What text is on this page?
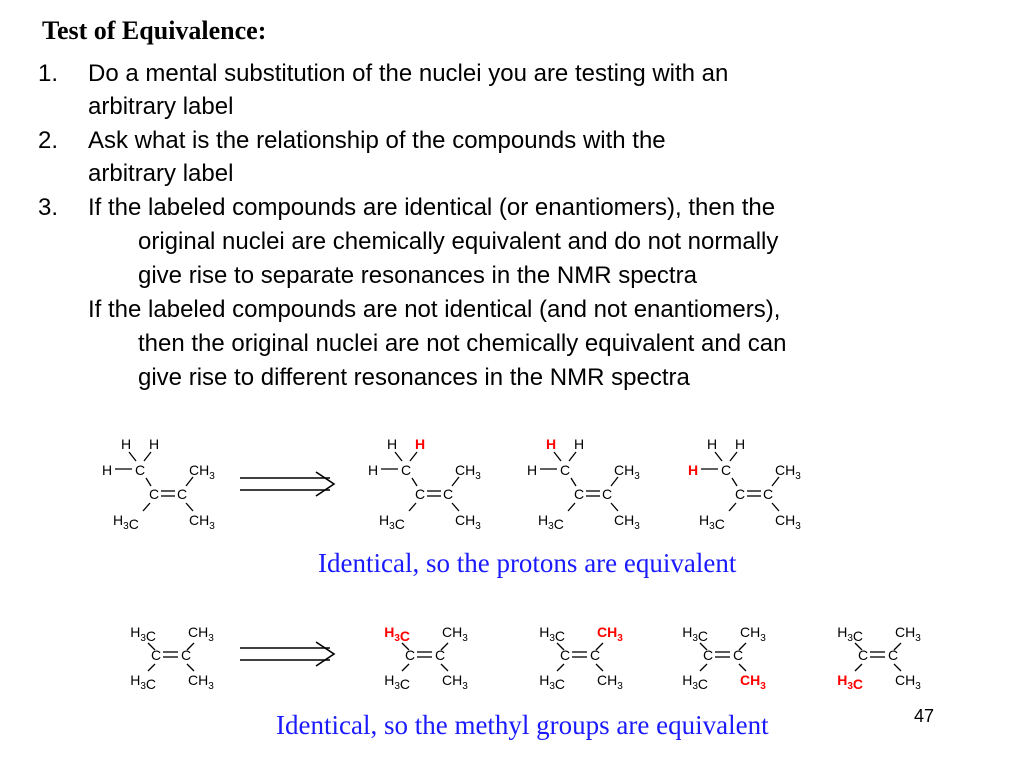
Test of Equivalence:
1. Do a mental substitution of the nuclei you are testing with an
arbitrary label
2. Ask what is the relationship of the compounds with the
arbitrary label
3. If the labeled compounds are identical (or enantiomers), then the
original nuclei are chemically equivalent and do not normally
give rise to separate resonances in the NMR spectra
If the labeled compounds are not identical (and not enantiomers),
then the original nuclei are not chemically equivalent and can
give rise to different resonances in the NMR spectra
H H
H C
C C
$CH_3$
$H_3C$	$CH_3$
H H
H C
C C
$CH_3$
$H_3C$	$CH_3$
H H
H C
C C
$CH_3$
$H_3C$	$CH_3$
H H
H C
C C
$CH_3$
$H_3C$	$CH_3$
$H_3C$ $CH_3$
C C
$H_3C$ $CH_3$
$H_3C$ $CH_3$
C C
$H_3C$ $CH_3$
$H_3C$ $CH_3$
C C
$H_3C$ $CH_3$
$H_3C$ $CH_3$
C C
$H_3C$ $CH_3$
$H_3C$ $CH_3$
C C
$H_3C$ $CH_3$
Identical, so the protons are equivalent
Identical, so the methyl groups are equivalent	47
